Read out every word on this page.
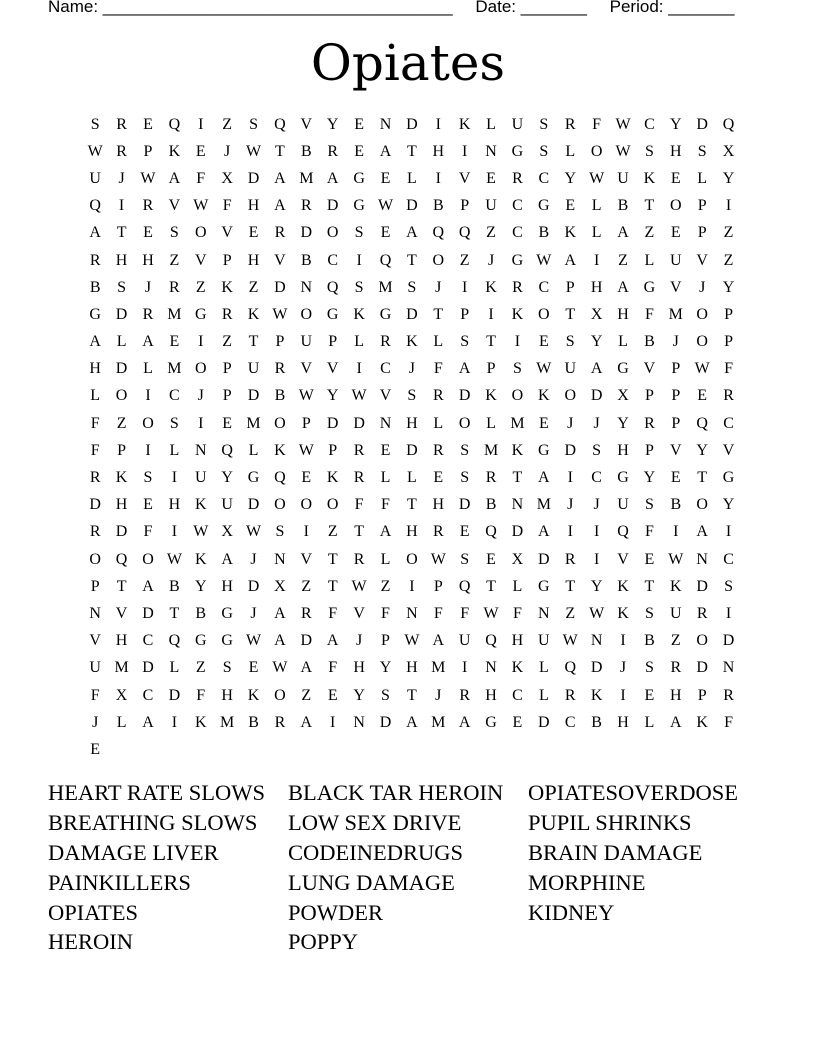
Name: _____________________________________ Date: _______ Period: _______
Opiates
S	R	E Q	I	Z	S	Q V Y E N D	I	K L U	S	R	F W C Y D Q
W R	P	K E	J W T	B R	E A T H	I	N G	S	L O W S	H	S	X
U	J W A	F	X D A M A G E	L	I	V E	R C Y W U K E	L Y
Q	I	R V W F	H A R D G W D B	P	U C G E	L	B	T O	P	I
A T	E	S	O V E	R D O	S	E A Q Q Z	C B K L A Z	E	P	Z
R H H Z V	P	H V B C	I	Q T O Z	J	G W A	I	Z	L U V Z
B	S	J	R	Z K Z D N Q	S M S	J	I	K R C	P	H A G V	J	Y
G D R M G R K W O G K G D T	P	I	K O T X H	F M O	P
A L A E	I	Z	T	P	U	P	L	R K L	S	T	I	E	S	Y L	B	J	O	P
H D L M O	P	U R V V	I	C	J	F	A	P	S W U A G V	P W F
L O	I	C	J	P	D B W Y W V	S	R D K O K O D X	P	P	E	R
F	Z O	S	I	E M O	P	D D N H L O L M E	J	J	Y R	P	Q C
F	P	I	L N Q L K W P	R	E D R	S M K G D	S	H	P	V Y V
R K	S	I	U Y G Q E K R	L	L	E	S	R	T A	I	C G Y E	T G
D H E H K U D O O O	F	F	T H D B N M	J	J	U	S	B O Y
R D	F	I	W X W S	I	Z	T A H R	E Q D A	I	I	Q	F	I	A	I
O Q O W K A	J	N V T	R	L O W S	E X D R	I	V E W N C
P	T A B Y H D X Z	T W Z	I	P	Q T	L G T Y K T K D	S
N V D T	B G	J	A R	F	V	F	N	F	F W F	N Z W K	S	U R	I
V H C Q G G W A D A	J	P W A U Q H U W N	I	B	Z O D
U M D L	Z	S	E W A	F	H Y H M	I	N K L Q D	J	S	R D N
F	X C D	F	H K O Z	E Y	S	T	J	R H C	L	R K	I	E H	P	R
J	L A	I	K M B R A	I	N D A M A G E D C B H L A K	F
E
HEART RATE SLOWS
BREATHING SLOWS
DAMAGE LIVER
PAINKILLERS
OPIATES
HEROIN
BLACK TAR HEROIN
LOW SEX DRIVE
CODEINEDRUGS
LUNG DAMAGE
POWDER
POPPY
OPIATESOVERDOSE
PUPIL SHRINKS
BRAIN DAMAGE
MORPHINE
KIDNEY
